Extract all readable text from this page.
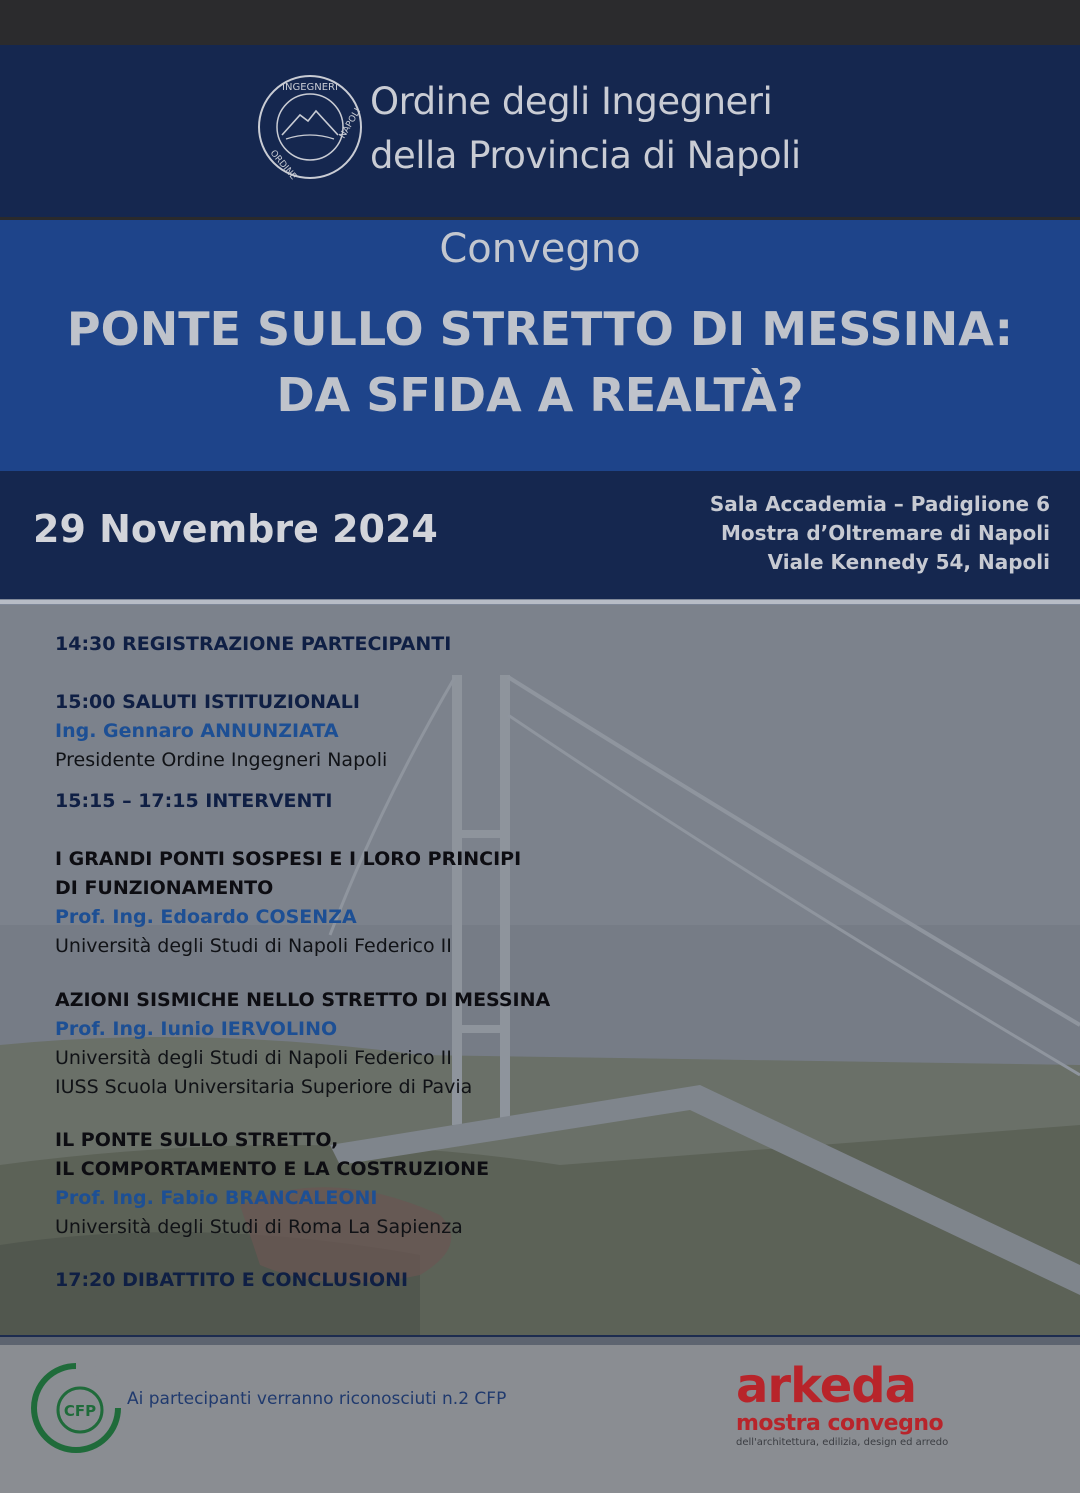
INGEGNERI
ORDINE
NAPOLI
Ordine degli Ingegneri
della Provincia di Napoli
Convegno
PONTE SULLO STRETTO DI MESSINA:
DA SFIDA A REALTÀ?
29 Novembre 2024
Sala Accademia – Padiglione 6
Mostra d’Oltremare di Napoli
Viale Kennedy 54, Napoli
14:30 REGISTRAZIONE PARTECIPANTI
15:00 SALUTI ISTITUZIONALI
Ing. Gennaro ANNUNZIATA
Presidente Ordine Ingegneri Napoli
15:15 – 17:15 INTERVENTI
I GRANDI PONTI SOSPESI E I LORO PRINCIPI
DI FUNZIONAMENTO
Prof. Ing. Edoardo COSENZA
Università degli Studi di Napoli Federico II
AZIONI SISMICHE NELLO STRETTO DI MESSINA
Prof. Ing. Iunio IERVOLINO
Università degli Studi di Napoli Federico II
IUSS Scuola Universitaria Superiore di Pavia
IL PONTE SULLO STRETTO,
IL COMPORTAMENTO E LA COSTRUZIONE
Prof. Ing. Fabio BRANCALEONI
Università degli Studi di Roma La Sapienza
17:20 DIBATTITO E CONCLUSIONI
CFP
Ai partecipanti verranno riconosciuti n.2 CFP	arkeda
mostra convegno
dell'architettura, edilizia, design ed arredo
